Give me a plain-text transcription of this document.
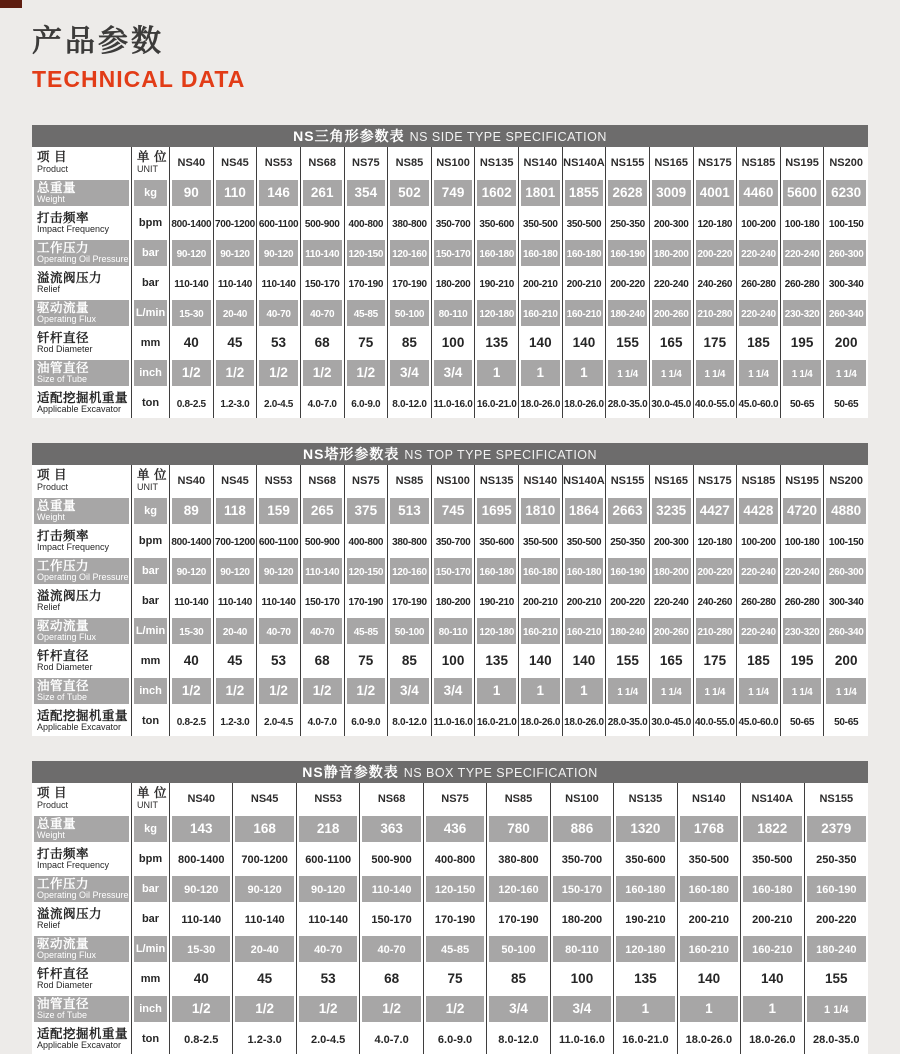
产品参数
TECHNICAL DATA
NS三角形参数表 NS SIDE TYPE SPECIFICATION
项 目
Product	单 位
UNIT	NS40	NS45	NS53	NS68	NS75	NS85	NS100	NS135	NS140	NS140A	NS155	NS165	NS175	NS185	NS195	NS200

总重量
Weight	kg	90	110	146	261	354	502	749	1602	1801	1855	2628	3009	4001	4460	5600	6230

打击频率
Impact Frequency	bpm	800-1400	700-1200	600-1100	500-900	400-800	380-800	350-700	350-600	350-500	350-500	250-350	200-300	120-180	100-200	100-180	100-150

工作压力
Operating Oil Pressure	bar	90-120	90-120	90-120	110-140	120-150	120-160	150-170	160-180	160-180	160-180	160-190	180-200	200-220	220-240	220-240	260-300

溢流阀压力
Relief	bar	110-140	110-140	110-140	150-170	170-190	170-190	180-200	190-210	200-210	200-210	200-220	220-240	240-260	260-280	260-280	300-340

驱动流量
Operating Flux	L/min	15-30	20-40	40-70	40-70	45-85	50-100	80-110	120-180	160-210	160-210	180-240	200-260	210-280	220-240	230-320	260-340

钎杆直径
Rod Diameter	mm	40	45	53	68	75	85	100	135	140	140	155	165	175	185	195	200

油管直径
Size of Tube	inch	1/2	1/2	1/2	1/2	1/2	3/4	3/4	1	1	1	1 1/4	1 1/4	1 1/4	1 1/4	1 1/4	1 1/4

适配挖掘机重量
Applicable Excavator	ton	0.8-2.5	1.2-3.0	2.0-4.5	4.0-7.0	6.0-9.0	8.0-12.0	11.0-16.0	16.0-21.0	18.0-26.0	18.0-26.0	28.0-35.0	30.0-45.0	40.0-55.0	45.0-60.0	50-65	50-65
NS塔形参数表 NS TOP TYPE SPECIFICATION
项 目
Product	单 位
UNIT	NS40	NS45	NS53	NS68	NS75	NS85	NS100	NS135	NS140	NS140A	NS155	NS165	NS175	NS185	NS195	NS200

总重量
Weight	kg	89	118	159	265	375	513	745	1695	1810	1864	2663	3235	4427	4428	4720	4880

打击频率
Impact Frequency	bpm	800-1400	700-1200	600-1100	500-900	400-800	380-800	350-700	350-600	350-500	350-500	250-350	200-300	120-180	100-200	100-180	100-150

工作压力
Operating Oil Pressure	bar	90-120	90-120	90-120	110-140	120-150	120-160	150-170	160-180	160-180	160-180	160-190	180-200	200-220	220-240	220-240	260-300

溢流阀压力
Relief	bar	110-140	110-140	110-140	150-170	170-190	170-190	180-200	190-210	200-210	200-210	200-220	220-240	240-260	260-280	260-280	300-340

驱动流量
Operating Flux	L/min	15-30	20-40	40-70	40-70	45-85	50-100	80-110	120-180	160-210	160-210	180-240	200-260	210-280	220-240	230-320	260-340

钎杆直径
Rod Diameter	mm	40	45	53	68	75	85	100	135	140	140	155	165	175	185	195	200

油管直径
Size of Tube	inch	1/2	1/2	1/2	1/2	1/2	3/4	3/4	1	1	1	1 1/4	1 1/4	1 1/4	1 1/4	1 1/4	1 1/4

适配挖掘机重量
Applicable Excavator	ton	0.8-2.5	1.2-3.0	2.0-4.5	4.0-7.0	6.0-9.0	8.0-12.0	11.0-16.0	16.0-21.0	18.0-26.0	18.0-26.0	28.0-35.0	30.0-45.0	40.0-55.0	45.0-60.0	50-65	50-65
NS静音参数表 NS BOX TYPE SPECIFICATION
项 目
Product	单 位
UNIT	NS40	NS45	NS53	NS68	NS75	NS85	NS100	NS135	NS140	NS140A	NS155

总重量
Weight	kg	143	168	218	363	436	780	886	1320	1768	1822	2379

打击频率
Impact Frequency	bpm	800-1400	700-1200	600-1100	500-900	400-800	380-800	350-700	350-600	350-500	350-500	250-350

工作压力
Operating Oil Pressure	bar	90-120	90-120	90-120	110-140	120-150	120-160	150-170	160-180	160-180	160-180	160-190

溢流阀压力
Relief	bar	110-140	110-140	110-140	150-170	170-190	170-190	180-200	190-210	200-210	200-210	200-220

驱动流量
Operating Flux	L/min	15-30	20-40	40-70	40-70	45-85	50-100	80-110	120-180	160-210	160-210	180-240

钎杆直径
Rod Diameter	mm	40	45	53	68	75	85	100	135	140	140	155

油管直径
Size of Tube	inch	1/2	1/2	1/2	1/2	1/2	3/4	3/4	1	1	1	1 1/4

适配挖掘机重量
Applicable Excavator	ton	0.8-2.5	1.2-3.0	2.0-4.5	4.0-7.0	6.0-9.0	8.0-12.0	11.0-16.0	16.0-21.0	18.0-26.0	18.0-26.0	28.0-35.0
